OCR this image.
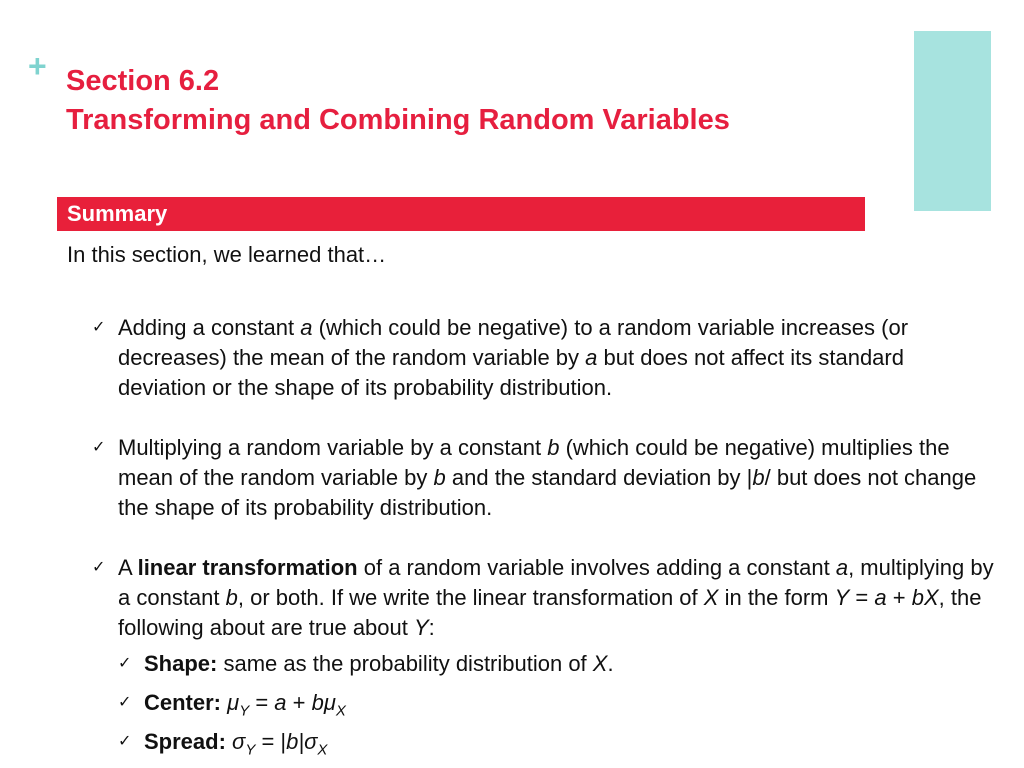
+ Section 6.2
Transforming and Combining Random Variables
Summary
In this section, we learned that…
✓ Adding a constant a (which could be negative) to a random variable increases (or decreases) the mean of the random variable by a but does not affect its standard deviation or the shape of its probability distribution.
✓ Multiplying a random variable by a constant b (which could be negative) multiplies the mean of the random variable by b and the standard deviation by |b/ but does not change the shape of its probability distribution.
✓ A linear transformation of a random variable involves adding a constant a, multiplying by a constant b, or both. If we write the linear transformation of X in the form Y = a + bX, the following about are true about Y:
✓ Shape: same as the probability distribution of X.
✓ Center: $\mu_Y = a + b\mu_X$
✓ Spread: $\sigma_Y = |b|\sigma_X$
